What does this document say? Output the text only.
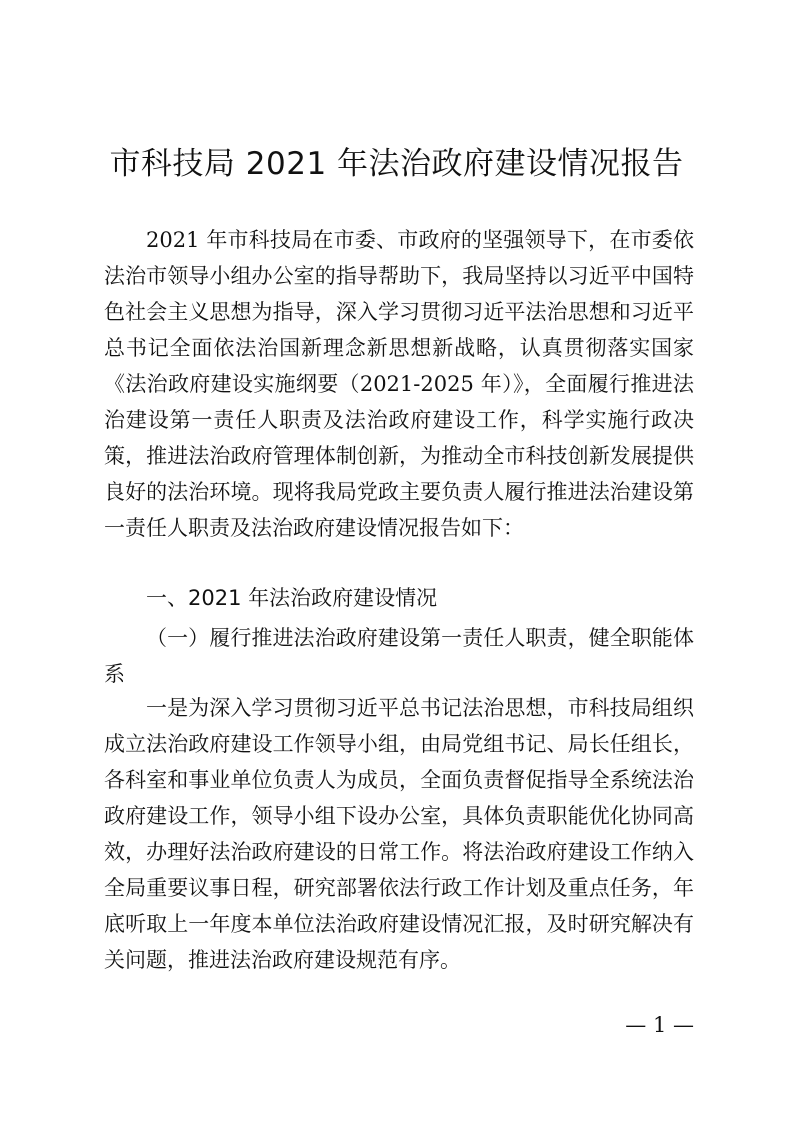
市科技局 2021 年法治政府建设情况报告

2021 年市科技局在市委、市政府的坚强领导下，在市委依法治市领导小组办公室的指导帮助下，我局坚持以习近平中国特色社会主义思想为指导，深入学习贯彻习近平法治思想和习近平总书记全面依法治国新理念新思想新战略，认真贯彻落实国家《法治政府建设实施纲要（2021-2025 年）》，全面履行推进法治建设第一责任人职责及法治政府建设工作，科学实施行政决策，推进法治政府管理体制创新，为推动全市科技创新发展提供良好的法治环境。现将我局党政主要负责人履行推进法治建设第一责任人职责及法治政府建设情况报告如下：

一、2021 年法治政府建设情况
（一）履行推进法治政府建设第一责任人职责，健全职能体系

一是为深入学习贯彻习近平总书记法治思想，市科技局组织成立法治政府建设工作领导小组，由局党组书记、局长任组长，各科室和事业单位负责人为成员，全面负责督促指导全系统法治政府建设工作，领导小组下设办公室，具体负责职能优化协同高效，办理好法治政府建设的日常工作。将法治政府建设工作纳入全局重要议事日程，研究部署依法行政工作计划及重点任务，年底听取上一年度本单位法治政府建设情况汇报，及时研究解决有关问题，推进法治政府建设规范有序。

— 1 —
